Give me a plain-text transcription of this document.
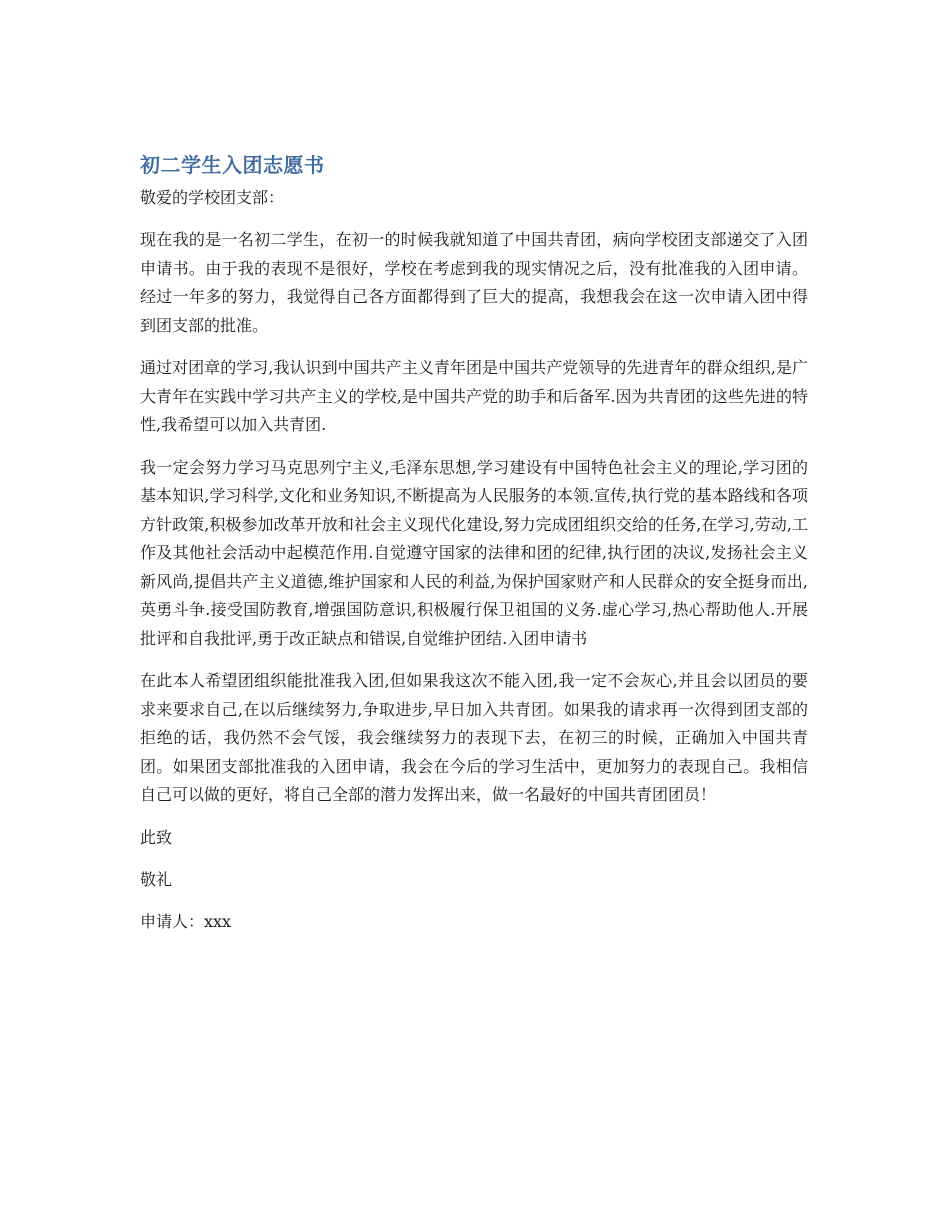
初二学生入团志愿书
敬爱的学校团支部：

现在我的是一名初二学生，在初一的时候我就知道了中国共青团，病向学校团支部递交了入团申请书。由于我的表现不是很好，学校在考虑到我的现实情况之后，没有批准我的入团申请。经过一年多的努力，我觉得自己各方面都得到了巨大的提高，我想我会在这一次申请入团中得到团支部的批准。

通过对团章的学习,我认识到中国共产主义青年团是中国共产党领导的先进青年的群众组织,是广大青年在实践中学习共产主义的学校,是中国共产党的助手和后备军.因为共青团的这些先进的特性,我希望可以加入共青团.

我一定会努力学习马克思列宁主义,毛泽东思想,学习建设有中国特色社会主义的理论,学习团的基本知识,学习科学,文化和业务知识,不断提高为人民服务的本领.宣传,执行党的基本路线和各项方针政策,积极参加改革开放和社会主义现代化建设,努力完成团组织交给的任务,在学习,劳动,工作及其他社会活动中起模范作用.自觉遵守国家的法律和团的纪律,执行团的决议,发扬社会主义新风尚,提倡共产主义道德,维护国家和人民的利益,为保护国家财产和人民群众的安全挺身而出,英勇斗争.接受国防教育,增强国防意识,积极履行保卫祖国的义务.虚心学习,热心帮助他人.开展批评和自我批评,勇于改正缺点和错误,自觉维护团结.入团申请书

在此本人希望团组织能批准我入团,但如果我这次不能入团,我一定不会灰心,并且会以团员的要求来要求自己,在以后继续努力,争取进步,早日加入共青团。如果我的请求再一次得到团支部的拒绝的话，我仍然不会气馁，我会继续努力的表现下去，在初三的时候，正确加入中国共青团。如果团支部批准我的入团申请，我会在今后的学习生活中，更加努力的表现自己。我相信自己可以做的更好，将自己全部的潜力发挥出来，做一名最好的中国共青团团员！

此致
敬礼
申请人：xxx
